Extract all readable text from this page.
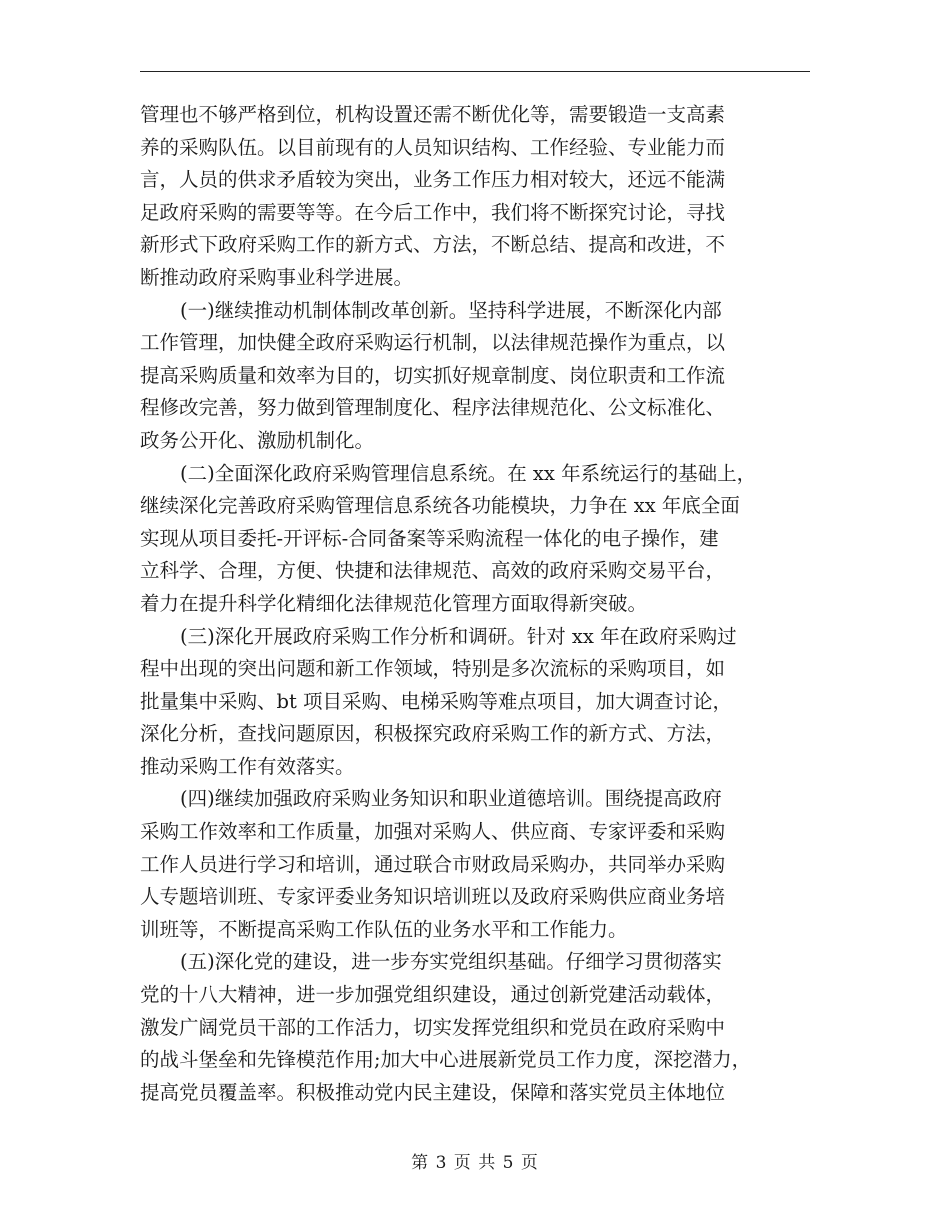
管理也不够严格到位，机构设置还需不断优化等，需要锻造一支高素
养的采购队伍。以目前现有的人员知识结构、工作经验、专业能力而
言，人员的供求矛盾较为突出，业务工作压力相对较大，还远不能满
足政府采购的需要等等。在今后工作中，我们将不断探究讨论，寻找
新形式下政府采购工作的新方式、方法，不断总结、提高和改进，不
断推动政府采购事业科学进展。
(一)继续推动机制体制改革创新。坚持科学进展，不断深化内部
工作管理，加快健全政府采购运行机制，以法律规范操作为重点，以
提高采购质量和效率为目的，切实抓好规章制度、岗位职责和工作流
程修改完善，努力做到管理制度化、程序法律规范化、公文标准化、
政务公开化、激励机制化。
(二)全面深化政府采购管理信息系统。在 xx 年系统运行的基础上，
继续深化完善政府采购管理信息系统各功能模块，力争在 xx 年底全面
实现从项目委托-开评标-合同备案等采购流程一体化的电子操作，建
立科学、合理，方便、快捷和法律规范、高效的政府采购交易平台，
着力在提升科学化精细化法律规范化管理方面取得新突破。
(三)深化开展政府采购工作分析和调研。针对 xx 年在政府采购过
程中出现的突出问题和新工作领域，特别是多次流标的采购项目，如
批量集中采购、bt 项目采购、电梯采购等难点项目，加大调查讨论，
深化分析，查找问题原因，积极探究政府采购工作的新方式、方法，
推动采购工作有效落实。
(四)继续加强政府采购业务知识和职业道德培训。围绕提高政府
采购工作效率和工作质量，加强对采购人、供应商、专家评委和采购
工作人员进行学习和培训，通过联合市财政局采购办，共同举办采购
人专题培训班、专家评委业务知识培训班以及政府采购供应商业务培
训班等，不断提高采购工作队伍的业务水平和工作能力。
(五)深化党的建设，进一步夯实党组织基础。仔细学习贯彻落实
党的十八大精神，进一步加强党组织建设，通过创新党建活动载体，
激发广阔党员干部的工作活力，切实发挥党组织和党员在政府采购中
的战斗堡垒和先锋模范作用;加大中心进展新党员工作力度，深挖潜力，
提高党员覆盖率。积极推动党内民主建设，保障和落实党员主体地位
第 3 页 共 5 页
